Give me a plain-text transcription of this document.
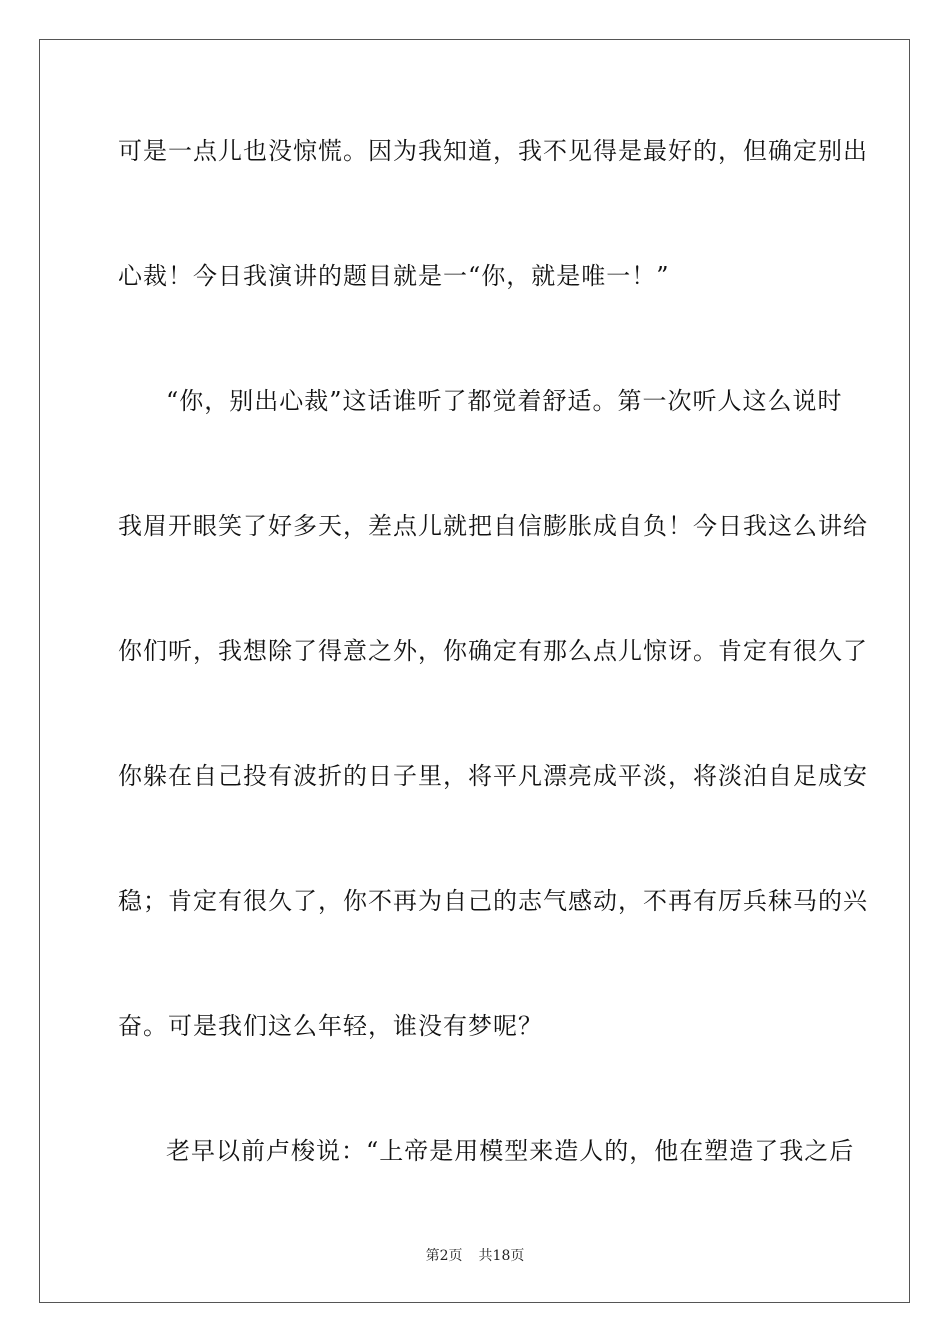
可是一点儿也没惊慌。因为我知道，我不见得是最好的，但确定别出
心裁！今日我演讲的题目就是一“你，就是唯一！”
“你，别出心裁”这话谁听了都觉着舒适。第一次听人这么说时
我眉开眼笑了好多天，差点儿就把自信膨胀成自负！今日我这么讲给
你们听，我想除了得意之外，你确定有那么点儿惊讶。肯定有很久了
你躲在自己投有波折的日子里，将平凡漂亮成平淡，将淡泊自足成安
稳；肯定有很久了，你不再为自己的志气感动，不再有厉兵秣马的兴
奋。可是我们这么年轻，谁没有梦呢？
老早以前卢梭说：“上帝是用模型来造人的，他在塑造了我之后
第2页 共18页
